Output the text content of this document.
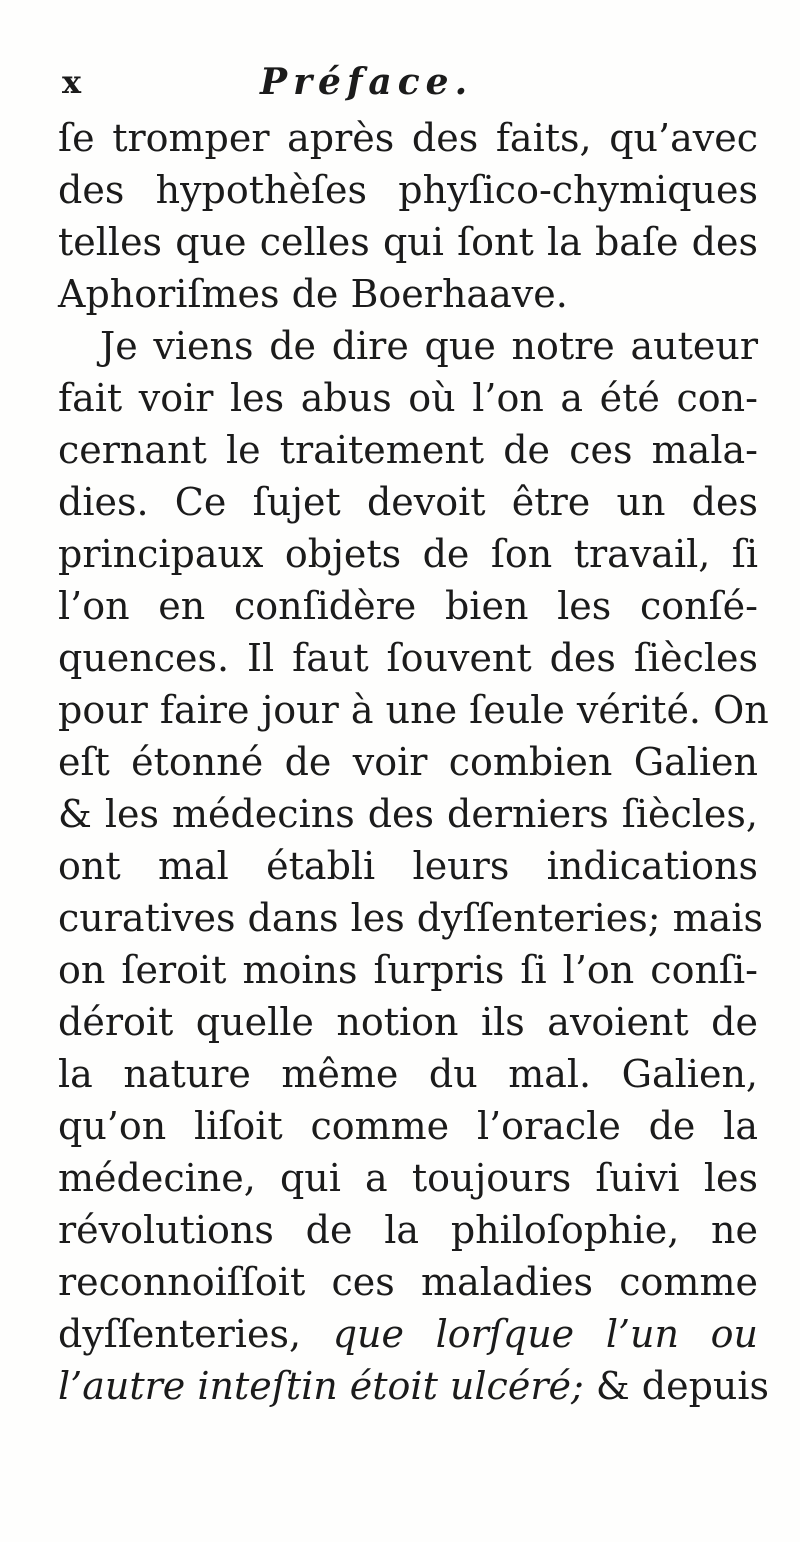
x	Préface.
ſe tromper après des faits, qu’avec
des hypothèſes phyſico-chymiques
telles que celles qui ſont la baſe des
Aphoriſmes de Boerhaave.
Je viens de dire que notre auteur
fait voir les abus où l’on a été con-
cernant le traitement de ces mala-
dies. Ce ſujet devoit être un des
principaux objets de ſon travail, ſi
l’on en conſidère bien les conſé-
quences. Il faut ſouvent des ſiècles
pour faire jour à une ſeule vérité. On
eſt étonné de voir combien Galien
& les médecins des derniers ſiècles,
ont mal établi leurs indications
curatives dans les dyſſenteries; mais
on ſeroit moins ſurpris ſi l’on conſi-
déroit quelle notion ils avoient de
la nature même du mal. Galien,
qu’on liſoit comme l’oracle de la
médecine, qui a toujours ſuivi les
révolutions de la philoſophie, ne
reconnoiſſoit ces maladies comme
dyſſenteries, que lorſque l’un ou
l’autre inteſtin étoit ulcéré; & depuis
